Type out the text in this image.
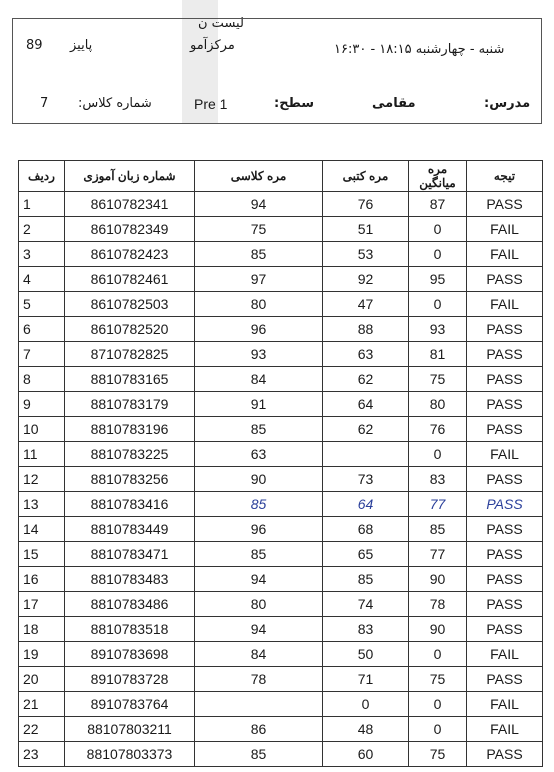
لیست ن
89 پاییز	مرکزآمو	شنبه - چهارشنبه ۱۸:۱۵ - ۱۶:۳۰
7 شماره کلاس:	Pre 1	سطح:	مقامی	مدرس:
ردیف	شماره زبان آموزی	مره کلاسی	مره کتبی	مره میانگین	تیجه
1	8610782341	94	76	87	PASS
2	8610782349	75	51	0	FAIL
3	8610782423	85	53	0	FAIL
4	8610782461	97	92	95	PASS
5	8610782503	80	47	0	FAIL
6	8610782520	96	88	93	PASS
7	8710782825	93	63	81	PASS
8	8810783165	84	62	75	PASS
9	8810783179	91	64	80	PASS
10	8810783196	85	62	76	PASS
11	8810783225	63		0	FAIL
12	8810783256	90	73	83	PASS
13	8810783416	85	64	77	PASS
14	8810783449	96	68	85	PASS
15	8810783471	85	65	77	PASS
16	8810783483	94	85	90	PASS
17	8810783486	80	74	78	PASS
18	8810783518	94	83	90	PASS
19	8910783698	84	50	0	FAIL
20	8910783728	78	71	75	PASS
21	8910783764		0	0	FAIL
22	88107803211	86	48	0	FAIL
23	88107803373	85	60	75	PASS
